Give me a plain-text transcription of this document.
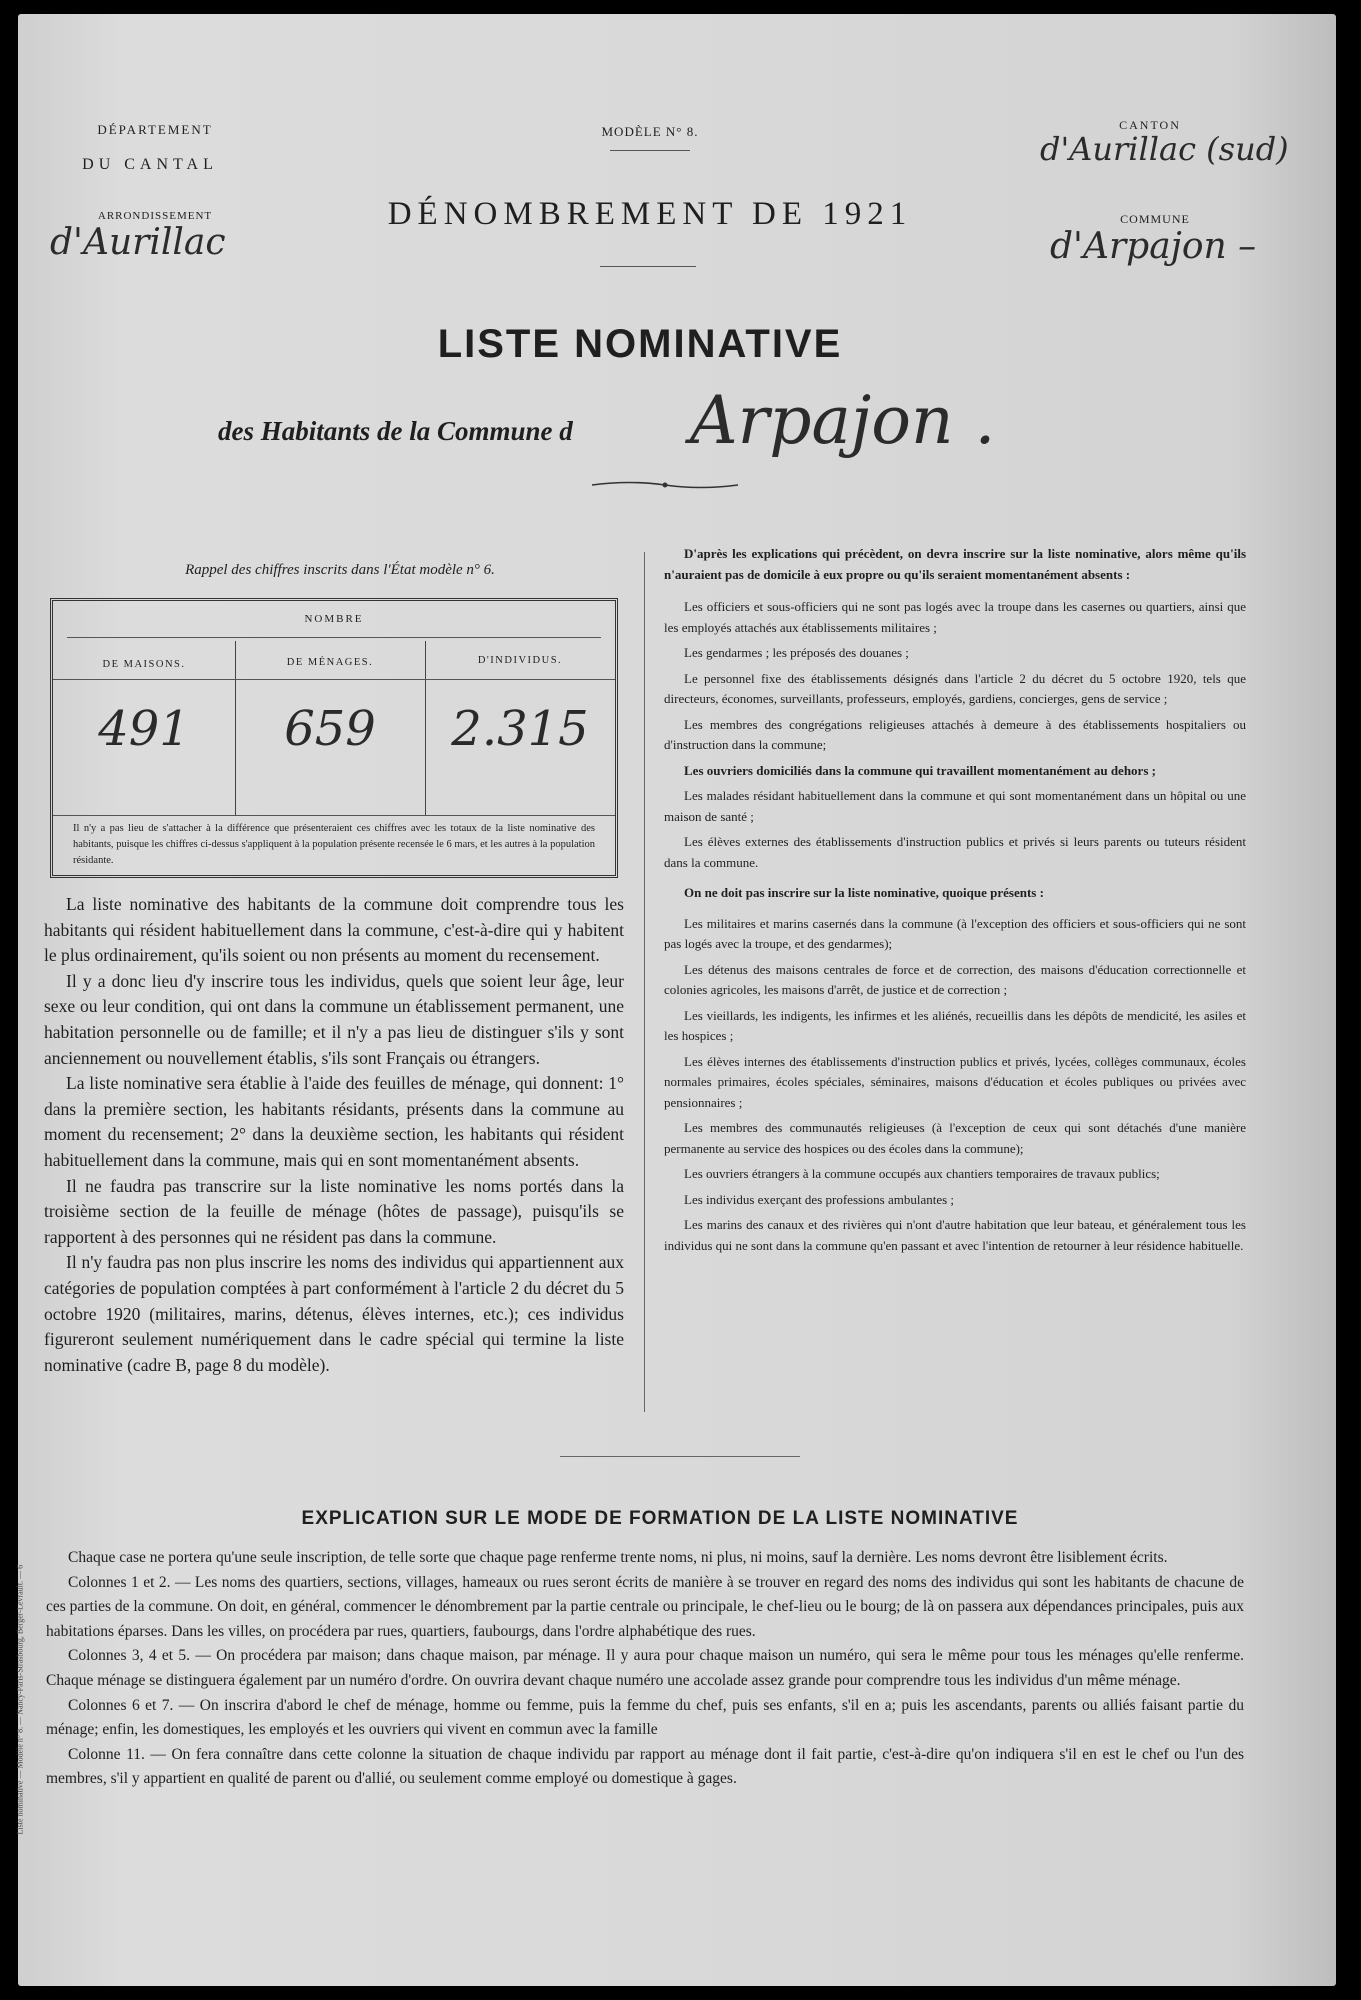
DÉPARTEMENT
DU CANTAL
ARRONDISSEMENT
d'Aurillac
MODÈLE N° 8.
DÉNOMBREMENT DE 1921
CANTON
d'Aurillac (sud)
COMMUNE
d'Arpajon –
LISTE NOMINATIVE
des Habitants de la Commune d	Arpajon .
Rappel des chiffres inscrits dans l'État modèle n° 6.
NOMBRE
DE MAISONS.	DE MÉNAGES.	D'INDIVIDUS.
491	659	2.315
Il n'y a pas lieu de s'attacher à la différence que présenteraient ces chiffres avec les totaux de la liste nominative des habitants, puisque les chiffres ci-dessus s'appliquent à la population présente recensée le 6 mars, et les autres à la population résidante.

La liste nominative des habitants de la commune doit comprendre tous les habitants qui résident habituellement dans la commune, c'est-à-dire qui y habitent le plus ordinairement, qu'ils soient ou non présents au moment du recensement.

Il y a donc lieu d'y inscrire tous les individus, quels que soient leur âge, leur sexe ou leur condition, qui ont dans la commune un établissement permanent, une habitation personnelle ou de famille; et il n'y a pas lieu de distinguer s'ils y sont anciennement ou nouvellement établis, s'ils sont Français ou étrangers.

La liste nominative sera établie à l'aide des feuilles de ménage, qui donnent: 1° dans la première section, les habitants résidants, présents dans la commune au moment du recensement; 2° dans la deuxième section, les habitants qui résident habituellement dans la commune, mais qui en sont momentanément absents.

Il ne faudra pas transcrire sur la liste nominative les noms portés dans la troisième section de la feuille de ménage (hôtes de passage), puisqu'ils se rapportent à des personnes qui ne résident pas dans la commune.

Il n'y faudra pas non plus inscrire les noms des individus qui appartiennent aux catégories de population comptées à part conformément à l'article 2 du décret du 5 octobre 1920 (militaires, marins, détenus, élèves internes, etc.); ces individus figureront seulement numériquement dans le cadre spécial qui termine la liste nominative (cadre B, page 8 du modèle).

D'après les explications qui précèdent, on devra inscrire sur la liste nominative, alors même qu'ils n'auraient pas de domicile à eux propre ou qu'ils seraient momentanément absents :

Les officiers et sous-officiers qui ne sont pas logés avec la troupe dans les casernes ou quartiers, ainsi que les employés attachés aux établissements militaires ;

Les gendarmes ; les préposés des douanes ;

Le personnel fixe des établissements désignés dans l'article 2 du décret du 5 octobre 1920, tels que directeurs, économes, surveillants, professeurs, employés, gardiens, concierges, gens de service ;

Les membres des congrégations religieuses attachés à demeure à des établissements hospitaliers ou d'instruction dans la commune;

Les ouvriers domiciliés dans la commune qui travaillent momentanément au dehors ;

Les malades résidant habituellement dans la commune et qui sont momentanément dans un hôpital ou une maison de santé ;

Les élèves externes des établissements d'instruction publics et privés si leurs parents ou tuteurs résident dans la commune.

On ne doit pas inscrire sur la liste nominative, quoique présents :

Les militaires et marins casernés dans la commune (à l'exception des officiers et sous-officiers qui ne sont pas logés avec la troupe, et des gendarmes);

Les détenus des maisons centrales de force et de correction, des maisons d'éducation correctionnelle et colonies agricoles, les maisons d'arrêt, de justice et de correction ;

Les vieillards, les indigents, les infirmes et les aliénés, recueillis dans les dépôts de mendicité, les asiles et les hospices ;

Les élèves internes des établissements d'instruction publics et privés, lycées, collèges communaux, écoles normales primaires, écoles spéciales, séminaires, maisons d'éducation et écoles publiques ou privées avec pensionnaires ;

Les membres des communautés religieuses (à l'exception de ceux qui sont détachés d'une manière permanente au service des hospices ou des écoles dans la commune);

Les ouvriers étrangers à la commune occupés aux chantiers temporaires de travaux publics;

Les individus exerçant des professions ambulantes ;

Les marins des canaux et des rivières qui n'ont d'autre habitation que leur bateau, et généralement tous les individus qui ne sont dans la commune qu'en passant et avec l'intention de retourner à leur résidence habituelle.

EXPLICATION SUR LE MODE DE FORMATION DE LA LISTE NOMINATIVE

Chaque case ne portera qu'une seule inscription, de telle sorte que chaque page renferme trente noms, ni plus, ni moins, sauf la dernière. Les noms devront être lisiblement écrits.

Colonnes 1 et 2. — Les noms des quartiers, sections, villages, hameaux ou rues seront écrits de manière à se trouver en regard des noms des individus qui sont les habitants de chacune de ces parties de la commune. On doit, en général, commencer le dénombrement par la partie centrale ou principale, le chef-lieu ou le bourg; de là on passera aux dépendances principales, puis aux habitations éparses. Dans les villes, on procédera par rues, quartiers, faubourgs, dans l'ordre alphabétique des rues.

Colonnes 3, 4 et 5. — On procédera par maison; dans chaque maison, par ménage. Il y aura pour chaque maison un numéro, qui sera le même pour tous les ménages qu'elle renferme. Chaque ménage se distinguera également par un numéro d'ordre. On ouvrira devant chaque numéro une accolade assez grande pour comprendre tous les individus d'un même ménage.

Colonnes 6 et 7. — On inscrira d'abord le chef de ménage, homme ou femme, puis la femme du chef, puis ses enfants, s'il en a; puis les ascendants, parents ou alliés faisant partie du ménage; enfin, les domestiques, les employés et les ouvriers qui vivent en commun avec la famille

Colonne 11. — On fera connaître dans cette colonne la situation de chaque individu par rapport au ménage dont il fait partie, c'est-à-dire qu'on indiquera s'il en est le chef ou l'un des membres, s'il y appartient en qualité de parent ou d'allié, ou seulement comme employé ou domestique à gages.

Liste nominative — Modèle n° 8. — Nancy-Paris-Strasbourg, Berger-Levrault. — 6
